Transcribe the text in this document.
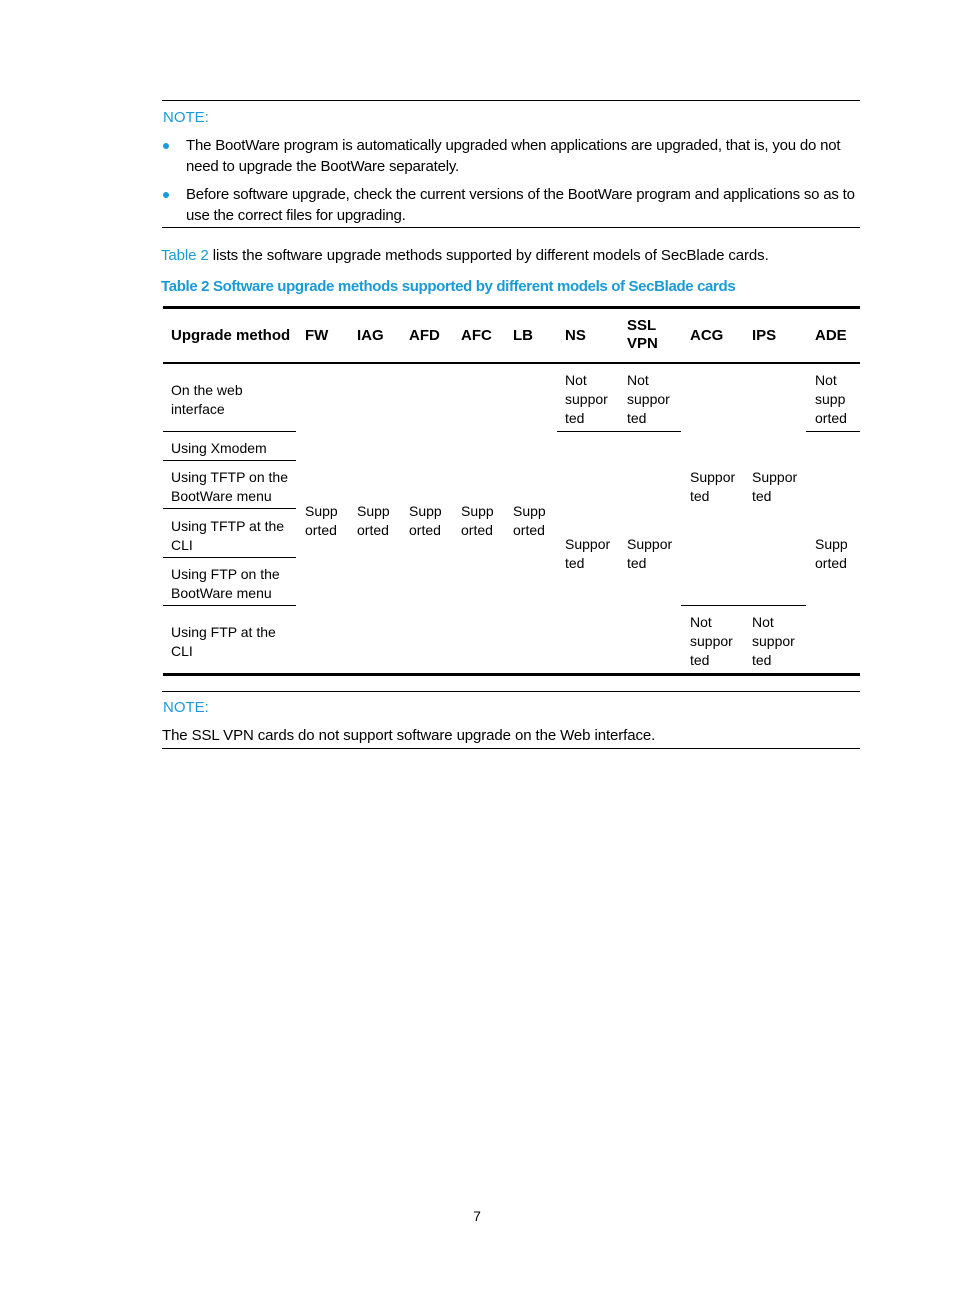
NOTE:
The BootWare program is automatically upgraded when applications are upgraded, that is, you do not need to upgrade the BootWare separately.
Before software upgrade, check the current versions of the BootWare program and applications so as to use the correct files for upgrading.
Table 2 lists the software upgrade methods supported by different models of SecBlade cards.
Table 2 Software upgrade methods supported by different models of SecBlade cards
Upgrade method FW IAG AFD AFC LB NS
SSL VPN	ACG IPS	ADE
On the web interface
Using Xmodem
Using TFTP on the BootWare menu
Using TFTP at the CLI
Using FTP on the BootWare menu
Using FTP at the CLI
Supp orted
Supp orted
Supp orted
Supp orted
Supp orted
Not suppor ted
Suppor ted
Not suppor ted
Suppor ted
Suppor ted
Not suppor ted
Suppor ted
Not suppor ted
Not supp orted
Supp orted
NOTE:
The SSL VPN cards do not support software upgrade on the Web interface.
7
